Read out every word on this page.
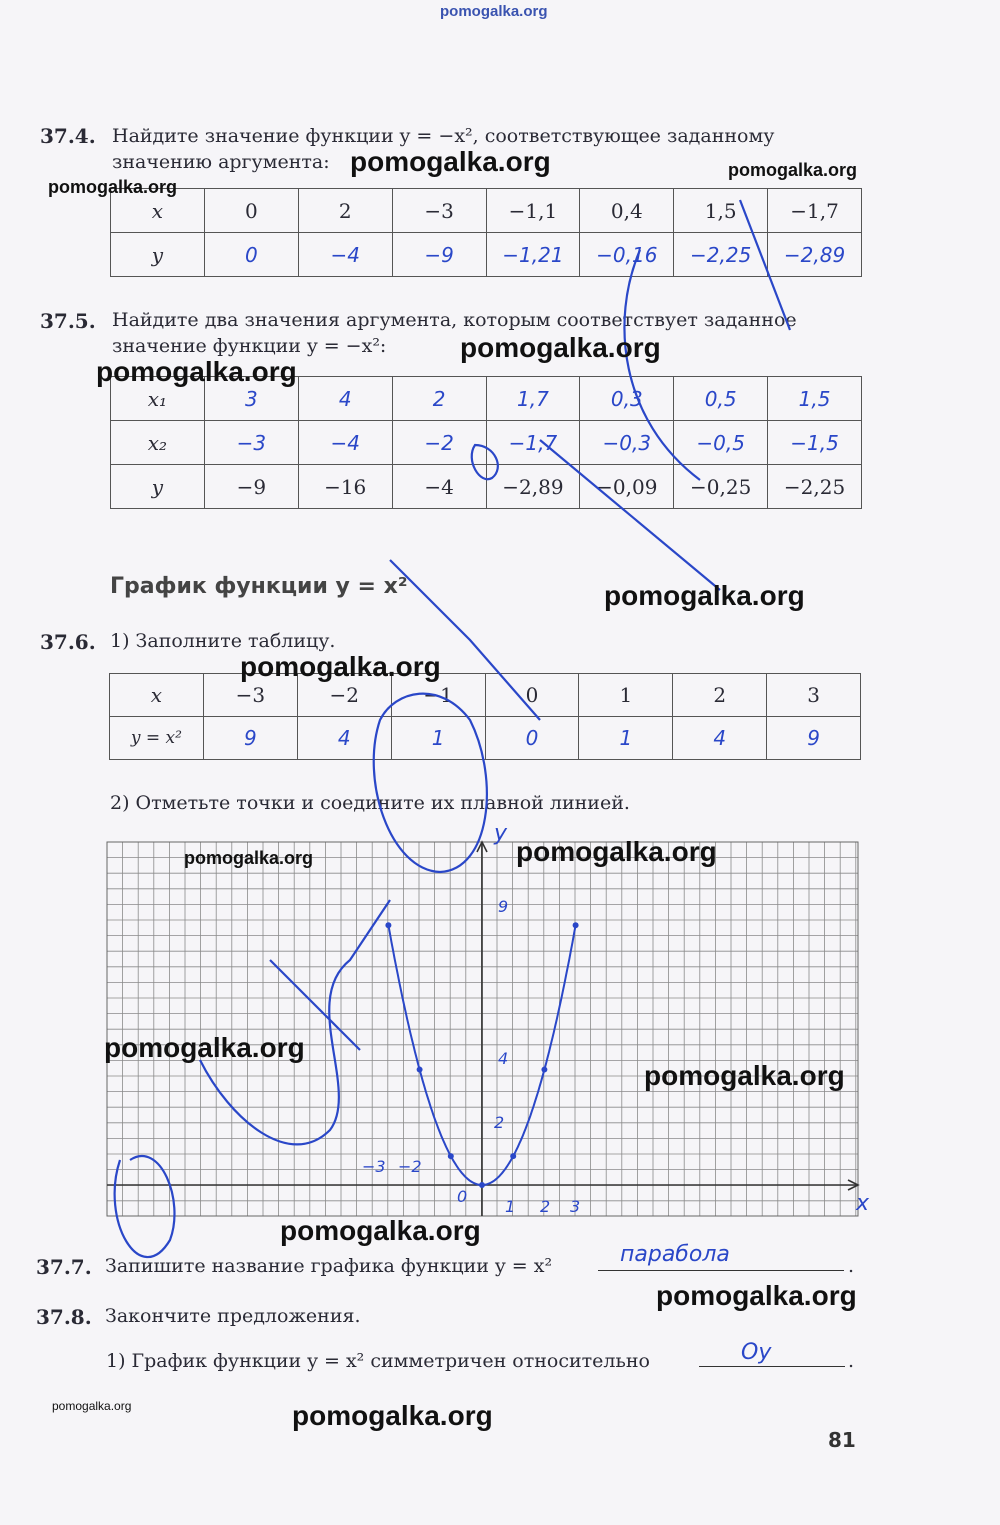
pomogalka.org
37.4. Найдите значение функции y = −x², соответствующее заданному
значению аргумента:
x	0	2	−3	−1,1	0,4	1,5	−1,7
y	0	−4	−9	−1,21	−0,16	−2,25	−2,89
37.5. Найдите два значения аргумента, которым соответствует заданное
значение функции y = −x²:
x₁	3	4	2	1,7	0,3	0,5	1,5
x₂	−3	−4	−2	−1,7	−0,3	−0,5	−1,5
y	−9	−16	−4	−2,89	−0,09	−0,25	−2,25
График функции y = x²
37.6. 1) Заполните таблицу.
x	−3	−2	−1	0	1	2	3
y = x²	9	4	1	0	1	4	9
2) Отметьте точки и соедините их плавной линией.
x
y
0
−3 −2
1 2 3
2
4
9
37.7. Запишите название графика функции y = x²	парабола	.
37.8. Закончите предложения.
1) График функции y = x² симметричен относительно	Оу	.
81
pomogalka.org	pomogalka.org
pomogalka.org
pomogalka.org
pomogalka.org
pomogalka.org
pomogalka.org
pomogalka.org	pomogalka.org
pomogalka.org
pomogalka.org
pomogalka.org
pomogalka.org
pomogalka.org
pomogalka.org
